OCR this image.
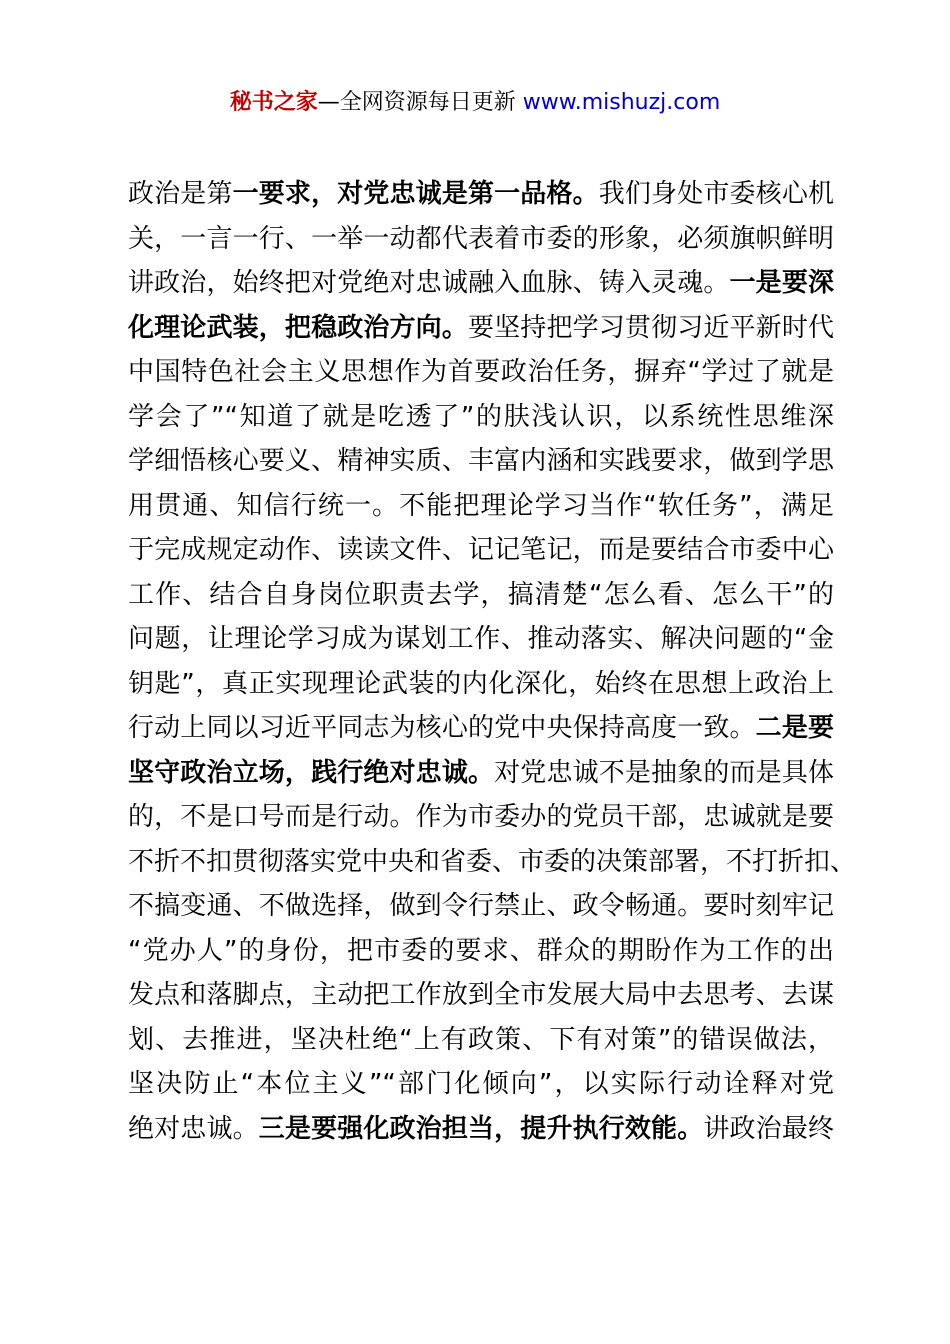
秘书之家—全网资源每日更新 www.mishuzj.com
政治是第一要求，对党忠诚是第一品格。我们身处市委核心机
关，一言一行、一举一动都代表着市委的形象，必须旗帜鲜明
讲政治，始终把对党绝对忠诚融入血脉、铸入灵魂。一是要深
化理论武装，把稳政治方向。要坚持把学习贯彻习近平新时代
中国特色社会主义思想作为首要政治任务，摒弃“学过了就是
学会了”“知道了就是吃透了”的肤浅认识，以系统性思维深
学细悟核心要义、精神实质、丰富内涵和实践要求，做到学思
用贯通、知信行统一。不能把理论学习当作“软任务”，满足
于完成规定动作、读读文件、记记笔记，而是要结合市委中心
工作、结合自身岗位职责去学，搞清楚“怎么看、怎么干”的
问题，让理论学习成为谋划工作、推动落实、解决问题的“金
钥匙”，真正实现理论武装的内化深化，始终在思想上政治上
行动上同以习近平同志为核心的党中央保持高度一致。二是要
坚守政治立场，践行绝对忠诚。对党忠诚不是抽象的而是具体
的，不是口号而是行动。作为市委办的党员干部，忠诚就是要
不折不扣贯彻落实党中央和省委、市委的决策部署，不打折扣、
不搞变通、不做选择，做到令行禁止、政令畅通。要时刻牢记
“党办人”的身份，把市委的要求、群众的期盼作为工作的出
发点和落脚点，主动把工作放到全市发展大局中去思考、去谋
划、去推进，坚决杜绝“上有政策、下有对策”的错误做法，
坚决防止“本位主义”“部门化倾向”，以实际行动诠释对党
绝对忠诚。三是要强化政治担当，提升执行效能。讲政治最终
